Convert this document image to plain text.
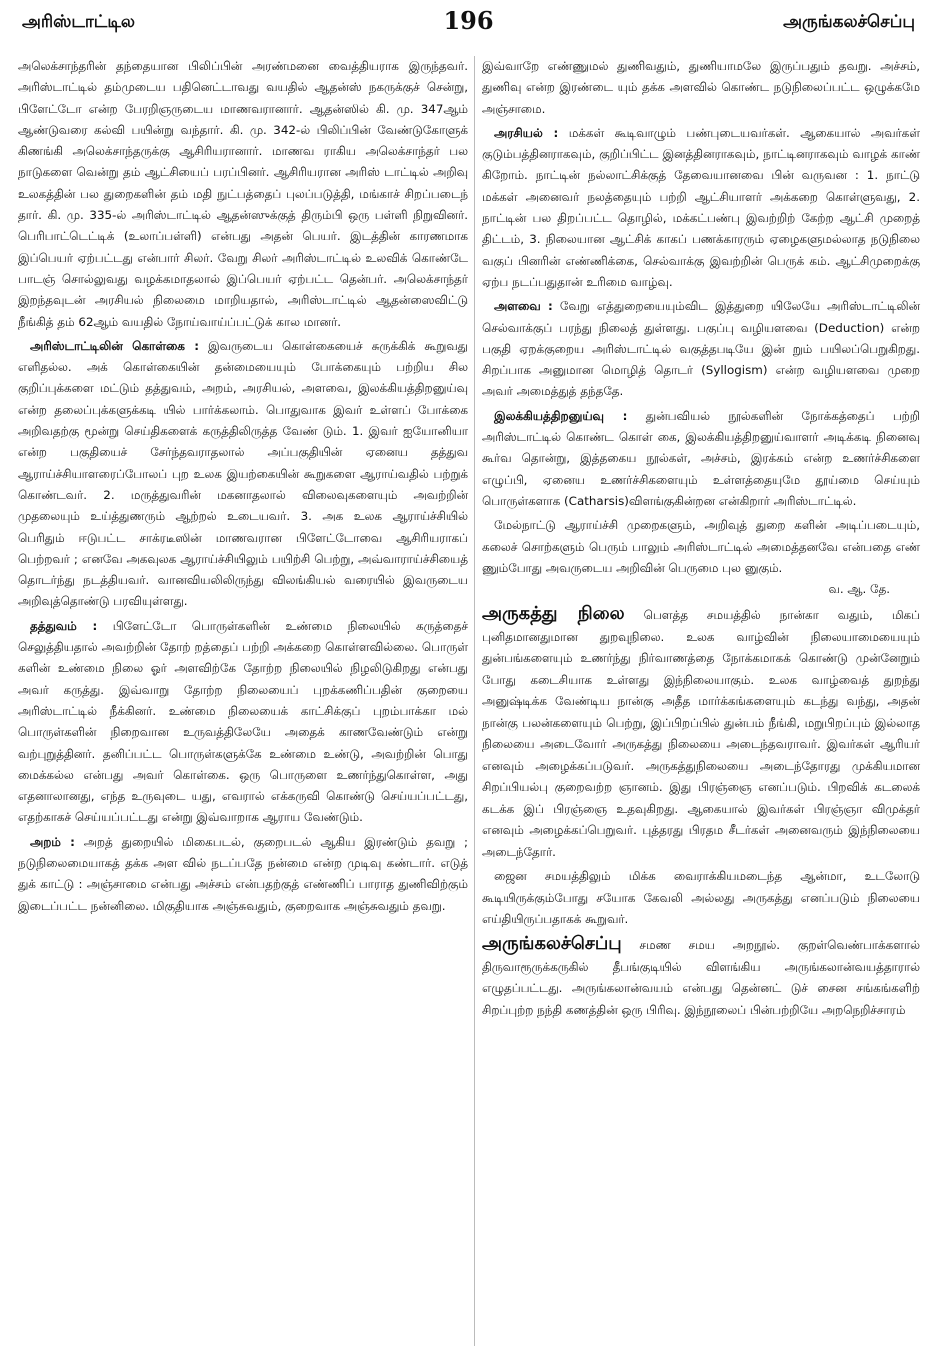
அரிஸ்டாட்டில	196	அருங்கலச்செப்பு

அலெக்சாந்தரின் தந்தையான பிலிப்பின் அரண்மனை வைத்தியராக இருந்தவர். அரிஸ்டாட்டில் தம்முடைய பதினெட்டாவது வயதில் ஆதன்ஸ் நகருக்குச் சென்று, பிளேட்டோ என்ற பேரறிஞருடைய மாணவரானார். ஆதன்ஸில் கி. மு. 347ஆம் ஆண்டுவரை கல்வி பயின்று வந்தார். கி. மு. 342-ல் பிலிப்பின் வேண்டுகோளுக் கிணங்கி அலெக்சாந்தருக்கு ஆசிரியரானார். மாணவ ராகிய அலெக்சாந்தர் பல நாடுகளை வென்று தம் ஆட்சியைப் பரப்பினர். ஆசிரியரான அரிஸ் டாட்டில் அறிவு உலகத்தின் பல துறைகளின் தம் மதி நுட்பத்தைப் புலப்படுத்தி, மங்காச் சிறப்படைந் தார். கி. மு. 335-ல் அரிஸ்டாட்டில் ஆதன்ஸுக்குத் திரும்பி ஒரு பள்ளி நிறுவினர். பெரிபாட்டெட்டிக் (உலாப்பள்ளி) என்பது அதன் பெயர். இடத்தின் காரணமாக இப்பெயர் ஏற்பட்டது என்பார் சிலர். வேறு சிலர் அரிஸ்டாட்டில் உலவிக் கொண்டே பாடஞ் சொல்லுவது வழக்கமாதலால் இப்பெயர் ஏற்பட்ட தென்பர். அலெக்சாந்தர் இறந்தவுடன் அரசியல் நிலைமை மாறியதால், அரிஸ்டாட்டில் ஆதன்ஸைவிட்டு நீங்கித் தம் 62ஆம் வயதில் நோய்வாய்ப்பட்டுக் கால மானர்.

அரிஸ்டாட்டிலின் கொள்கை : இவருடைய கொள்கையைச் சுருக்கிக் கூறுவது எளிதல்ல. அக் கொள்கையின் தன்மையையும் போக்கையும் பற்றிய சில குறிப்புக்களை மட்டும் தத்துவம், அறம், அரசியல், அளவை, இலக்கியத்திறனுய்வு என்ற தலைப்புக்களுக்கடி யில் பார்க்கலாம். பொதுவாக இவர் உள்ளப் போக்கை அறிவதற்கு மூன்று செய்திகளைக் கருத்திலிருத்த வேண் டும். 1. இவர் ஐயோனியா என்ற பகுதியைச் சேர்ந்தவராதலால் அப்பகுதியின் ஏனைய தத்துவ ஆராய்ச்சியாளரைப்போலப் புற உலக இயற்கையின் கூறுகளை ஆராய்வதில் பற்றுக் கொண்டவர். 2. மருத்துவரின் மகனாதலால் விலைவுகளையும் அவற்றின் முதலையும் உய்த்துணரும் ஆற்றல் உடையவர். 3. அக உலக ஆராய்ச்சியில் பெரிதும் ஈடுபட்ட சாக்ரடீஸின் மாணவரான பிளேட்டோவை ஆசிரியராகப் பெற்றவர் ; எனவே அகவுலக ஆராய்ச்சியிலும் பயிற்சி பெற்று, அவ்வாராய்ச்சியைத் தொடர்ந்து நடத்தியவர். வானவியலிலிருந்து விலங்கியல் வரையில் இவருடைய அறிவுத்தொண்டு பரவியுள்ளது.

தத்துவம் : பிளேட்டோ பொருள்களின் உண்மை நிலையில் கருத்தைச் செலுத்தியதால் அவற்றின் தோற் றத்தைப் பற்றி அக்கறை கொள்ளவில்லை. பொருள் களின் உண்மை நிலை ஓர் அளவிற்கே தோற்ற நிலையில் நிழலிடுகிறது என்பது அவர் கருத்து. இவ்வாறு தோற்ற நிலையைப் புறக்கணிப்பதின் குறையை அரிஸ்டாட்டில் நீக்கினர். உண்மை நிலையைக் காட்சிக்குப் புறம்பாக்கா மல் பொருள்களின் நிறைவான உருவத்திலேயே அதைக் காணவேண்டும் என்று வற்புறுத்தினர். தனிப்பட்ட பொருள்களுக்கே உண்மை உண்டு, அவற்றின் பொது மைக்கல்ல என்பது அவர் கொள்கை. ஒரு பொருளை உணர்ந்துகொள்ள, அது எதனாலானது, எந்த உருவுடை யது, எவரால் எக்கருவி கொண்டு செய்யப்பட்டது, எதற்காகச் செய்யப்பட்டது என்று இவ்வாறாக ஆராய வேண்டும்.

அறம் : அறத் துறையில் மிகைபடல், குறைபடல் ஆகிய இரண்டும் தவறு ; நடுநிலைமையாகத் தக்க அள வில் நடப்பதே நன்மை என்ற முடிவு கண்டார். எடுத் துக் காட்டு : அஞ்சாமை என்பது அச்சம் என்பதற்குத் எண்ணிப் பாராத துணிவிற்கும் இடைப்பட்ட நன்னிலை. மிகுதியாக அஞ்சுவதும், குறைவாக அஞ்சுவதும் தவறு.

இவ்வாறே எண்ணுமல் துணிவதும், துணியாமலே இருப்பதும் தவறு. அச்சம், துணிவு என்ற இரண்டை யும் தக்க அளவில் கொண்ட நடுநிலைப்பட்ட ஒழுக்கமே அஞ்சாமை.

அரசியல் : மக்கள் கூடிவாழும் பண்புடையவர்கள். ஆகையால் அவர்கள் குடும்பத்தினராகவும், குறிப்பிட்ட இனத்தினராகவும், நாட்டினராகவும் வாழக் காண் கிறோம். நாட்டின் நல்லாட்சிக்குத் தேவையானவை பின் வருவன : 1. நாட்டு மக்கள் அனைவர் நலத்தையும் பற்றி ஆட்சியாளர் அக்கறை கொள்ளுவது, 2. நாட்டின் பல திறப்பட்ட தொழில், மக்கட்பண்பு இவற்றிற் கேற்ற ஆட்சி முறைத் திட்டம், 3. நிலையான ஆட்சிக் காகப் பணக்காரரும் ஏழைகளுமல்லாத நடுநிலை வகுப் பினரின் எண்ணிக்கை, செல்வாக்கு இவற்றின் பெருக் கம். ஆட்சிமுறைக்கு ஏற்ப நடப்பதுதான் உரிமை வாழ்வு.

அளவை : வேறு எத்துறையையும்விட இத்துறை யிலேயே அரிஸ்டாட்டிலின் செல்வாக்குப் பரந்து நிலைத் துள்ளது. பகுப்பு வழியளவை (Deduction) என்ற பகுதி ஏறக்குறைய அரிஸ்டாட்டில் வகுத்தபடியே இன் றும் பயிலப்பெறுகிறது. சிறப்பாக அனுமான மொழித் தொடர் (Syllogism) என்ற வழியளவை முறை அவர் அமைத்துத் தந்ததே.

இலக்கியத்திறனுய்வு : துன்பவியல் நூல்களின் நோக்கத்தைப் பற்றி அரிஸ்டாட்டில் கொண்ட கொள் கை, இலக்கியத்திறனுய்வாளர் அடிக்கடி நினைவு கூர்வ தொன்று, இத்தகைய நூல்கள், அச்சம், இரக்கம் என்ற உணர்ச்சிகளை எழுப்பி, ஏனைய உணர்ச்சிகளையும் உள்ளத்தையுமே தூய்மை செய்யும் பொருள்களாக (Catharsis)விளங்குகின்றன என்கிறார் அரிஸ்டாட்டில்.

மேல்நாட்டு ஆராய்ச்சி முறைகளும், அறிவுத் துறை களின் அடிப்படையும், கலைச் சொற்களும் பெரும் பாலும் அரிஸ்டாட்டில் அமைத்தனவே என்பதை எண் ணும்போது அவருடைய அறிவின் பெருமை புல னுகும்.
வ. ஆ. தே.

அருகத்து நிலை பௌத்த சமயத்தில் நான்கா வதும், மிகப் புனிதமானதுமான துறவுநிலை. உலக வாழ்வின் நிலையாமையையும் துன்பங்களையும் உணர்ந்து நிர்வாணத்தை நோக்கமாகக் கொண்டு முன்னேறும் போது கடைசியாக உள்ளது இந்நிலையாகும். உலக வாழ்வைத் துறந்து அனுஷ்டிக்க வேண்டிய நான்கு அதீத மார்க்கங்களையும் கடந்து வந்து, அதன் நான்கு பலன்களையும் பெற்று, இப்பிறப்பில் துன்பம் நீங்கி, மறுபிறப்பும் இல்லாத நிலையை அடைவோர் அருகத்து நிலையை அடைந்தவராவர். இவர்கள் ஆரியர் எனவும் அழைக்கப்படுவர். அருகத்துநிலையை அடைந்தோரது முக்கியமான சிறப்பியல்பு குறைவற்ற ஞானம். இது பிரஞ்ஞை எனப்படும். பிறவிக் கடலைக் கடக்க இப் பிரஞ்ஞை உதவுகிறது. ஆகையால் இவர்கள் பிரஞ்ஞா விமுக்தர் எனவும் அழைக்கப்பெறுவர். புத்தரது பிரதம சீடர்கள் அனைவரும் இந்நிலையை அடைந்தோர்.

ஜைன சமயத்திலும் மிக்க வைராக்கியமடைந்த ஆன்மா, உடலோடு கூடியிருக்கும்போது சயோக கேவலி அல்லது அருகத்து எனப்படும் நிலையை எய்தியிருப்பதாகக் கூறுவர்.

அருங்கலச்செப்பு சமண சமய அறநூல். குறள்வெண்பாக்களால் திருவாரூருக்கருகில் தீபங்குடியில் விளங்கிய அருங்கலான்வயத்தாரால் எழுதப்பட்டது. அருங்கலான்வயம் என்பது தென்னட் டுச் சைன சங்கங்களிற் சிறப்புற்ற நந்தி கணத்தின் ஒரு பிரிவு. இந்நூலைப் பின்பற்றியே அறநெறிச்சாரம்
